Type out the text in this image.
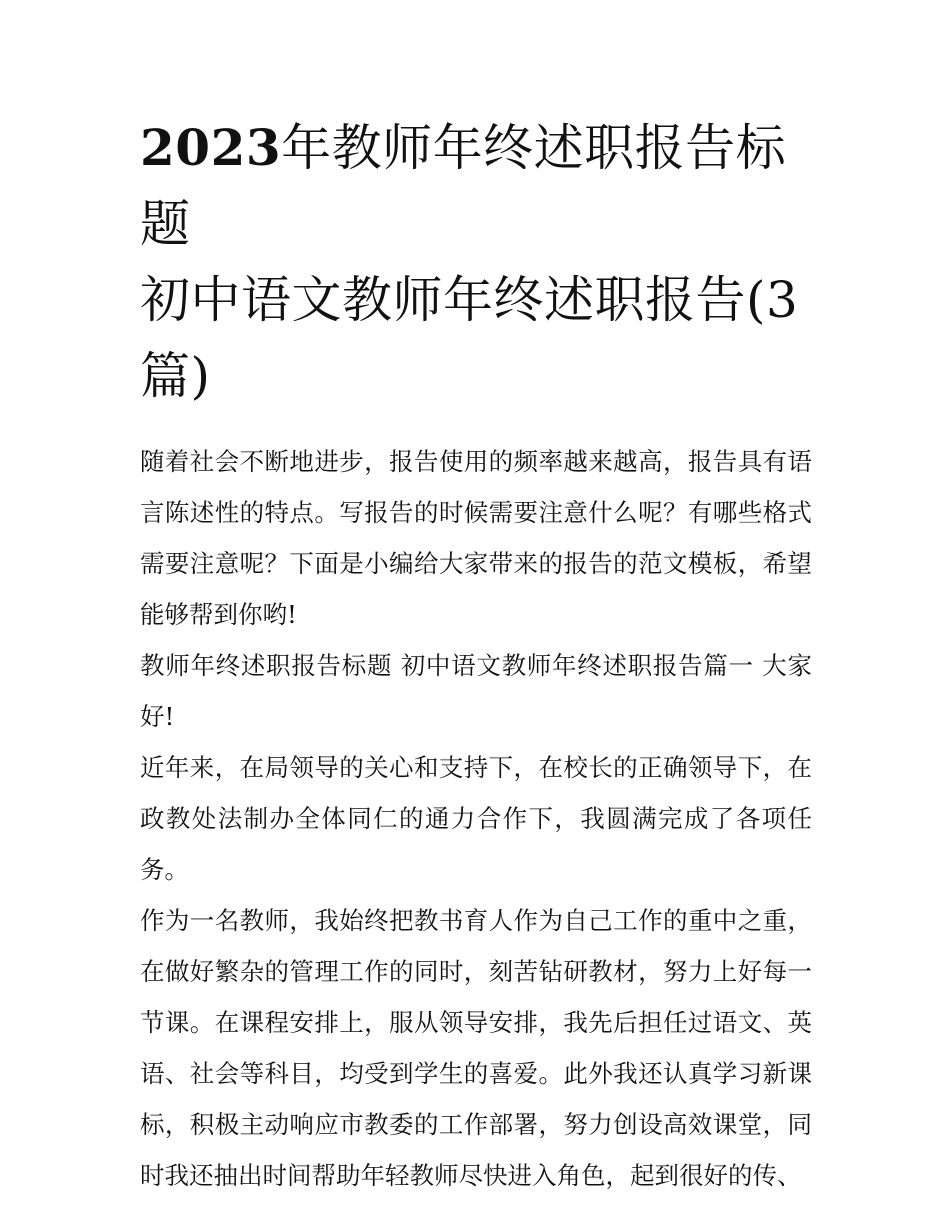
2023年教师年终述职报告标题
初中语文教师年终述职报告(3
篇)

随着社会不断地进步，报告使用的频率越来越高，报告具有语言陈述性的特点。写报告的时候需要注意什么呢？有哪些格式需要注意呢？下面是小编给大家带来的报告的范文模板，希望能够帮到你哟!

教师年终述职报告标题 初中语文教师年终述职报告篇一 大家好!

近年来，在局领导的关心和支持下，在校长的正确领导下，在政教处法制办全体同仁的通力合作下，我圆满完成了各项任务。

作为一名教师，我始终把教书育人作为自己工作的重中之重，在做好繁杂的管理工作的同时，刻苦钻研教材，努力上好每一节课。在课程安排上，服从领导安排，我先后担任过语文、英语、社会等科目，均受到学生的喜爱。此外我还认真学习新课标，积极主动响应市教委的工作部署，努力创设高效课堂，同时我还抽出时间帮助年轻教师尽快进入角色，起到很好的传、
